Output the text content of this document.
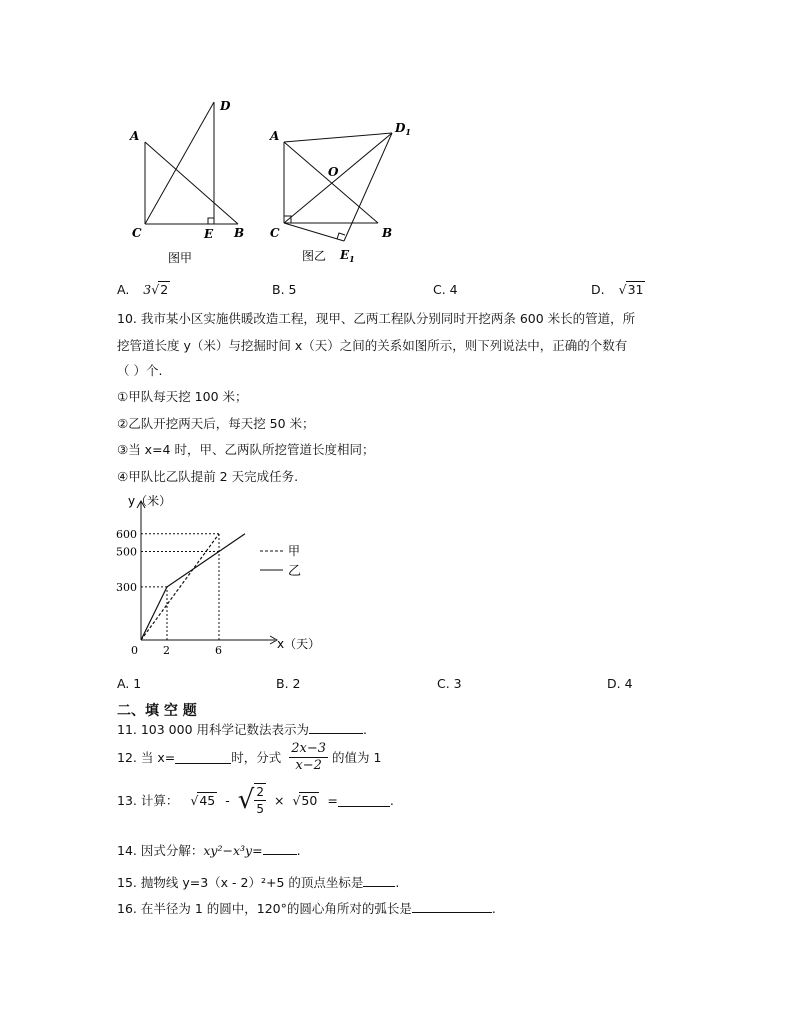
A
D
C	E B
图甲
A
$D_1$
O
C	B
$E_1$
图乙
A. 3√2	B. 5	C. 4	D. √31
10. 我市某小区实施供暖改造工程，现甲、乙两工程队分别同时开挖两条 600 米长的管道，所
挖管道长度 y（米）与挖掘时间 x（天）之间的关系如图所示，则下列说法中，正确的个数有
（ ）个.
①甲队每天挖 100 米；
②乙队开挖两天后，每天挖 50 米；
③当 x=4 时，甲、乙两队所挖管道长度相同；
④甲队比乙队提前 2 天完成任务.
y（米）
x（天）
0
甲
乙
300
500
600
2	6
A. 1	B. 2	C. 3	D. 4
二、填 空 题
11. 103 000 用科学记数法表示为	.
12. 当 x=	时，分式 $\frac{2x-3}{x-2}$ 的值为 1
13. 计算： √ 45 - √ $\frac{2}{5}$ × √ 50 =	.
14. 因式分解：xy²−x³y=	.
15. 抛物线 y=3（x - 2）²+5 的顶点坐标是	.
16. 在半径为 1 的圆中，120°的圆心角所对的弧长是	.
